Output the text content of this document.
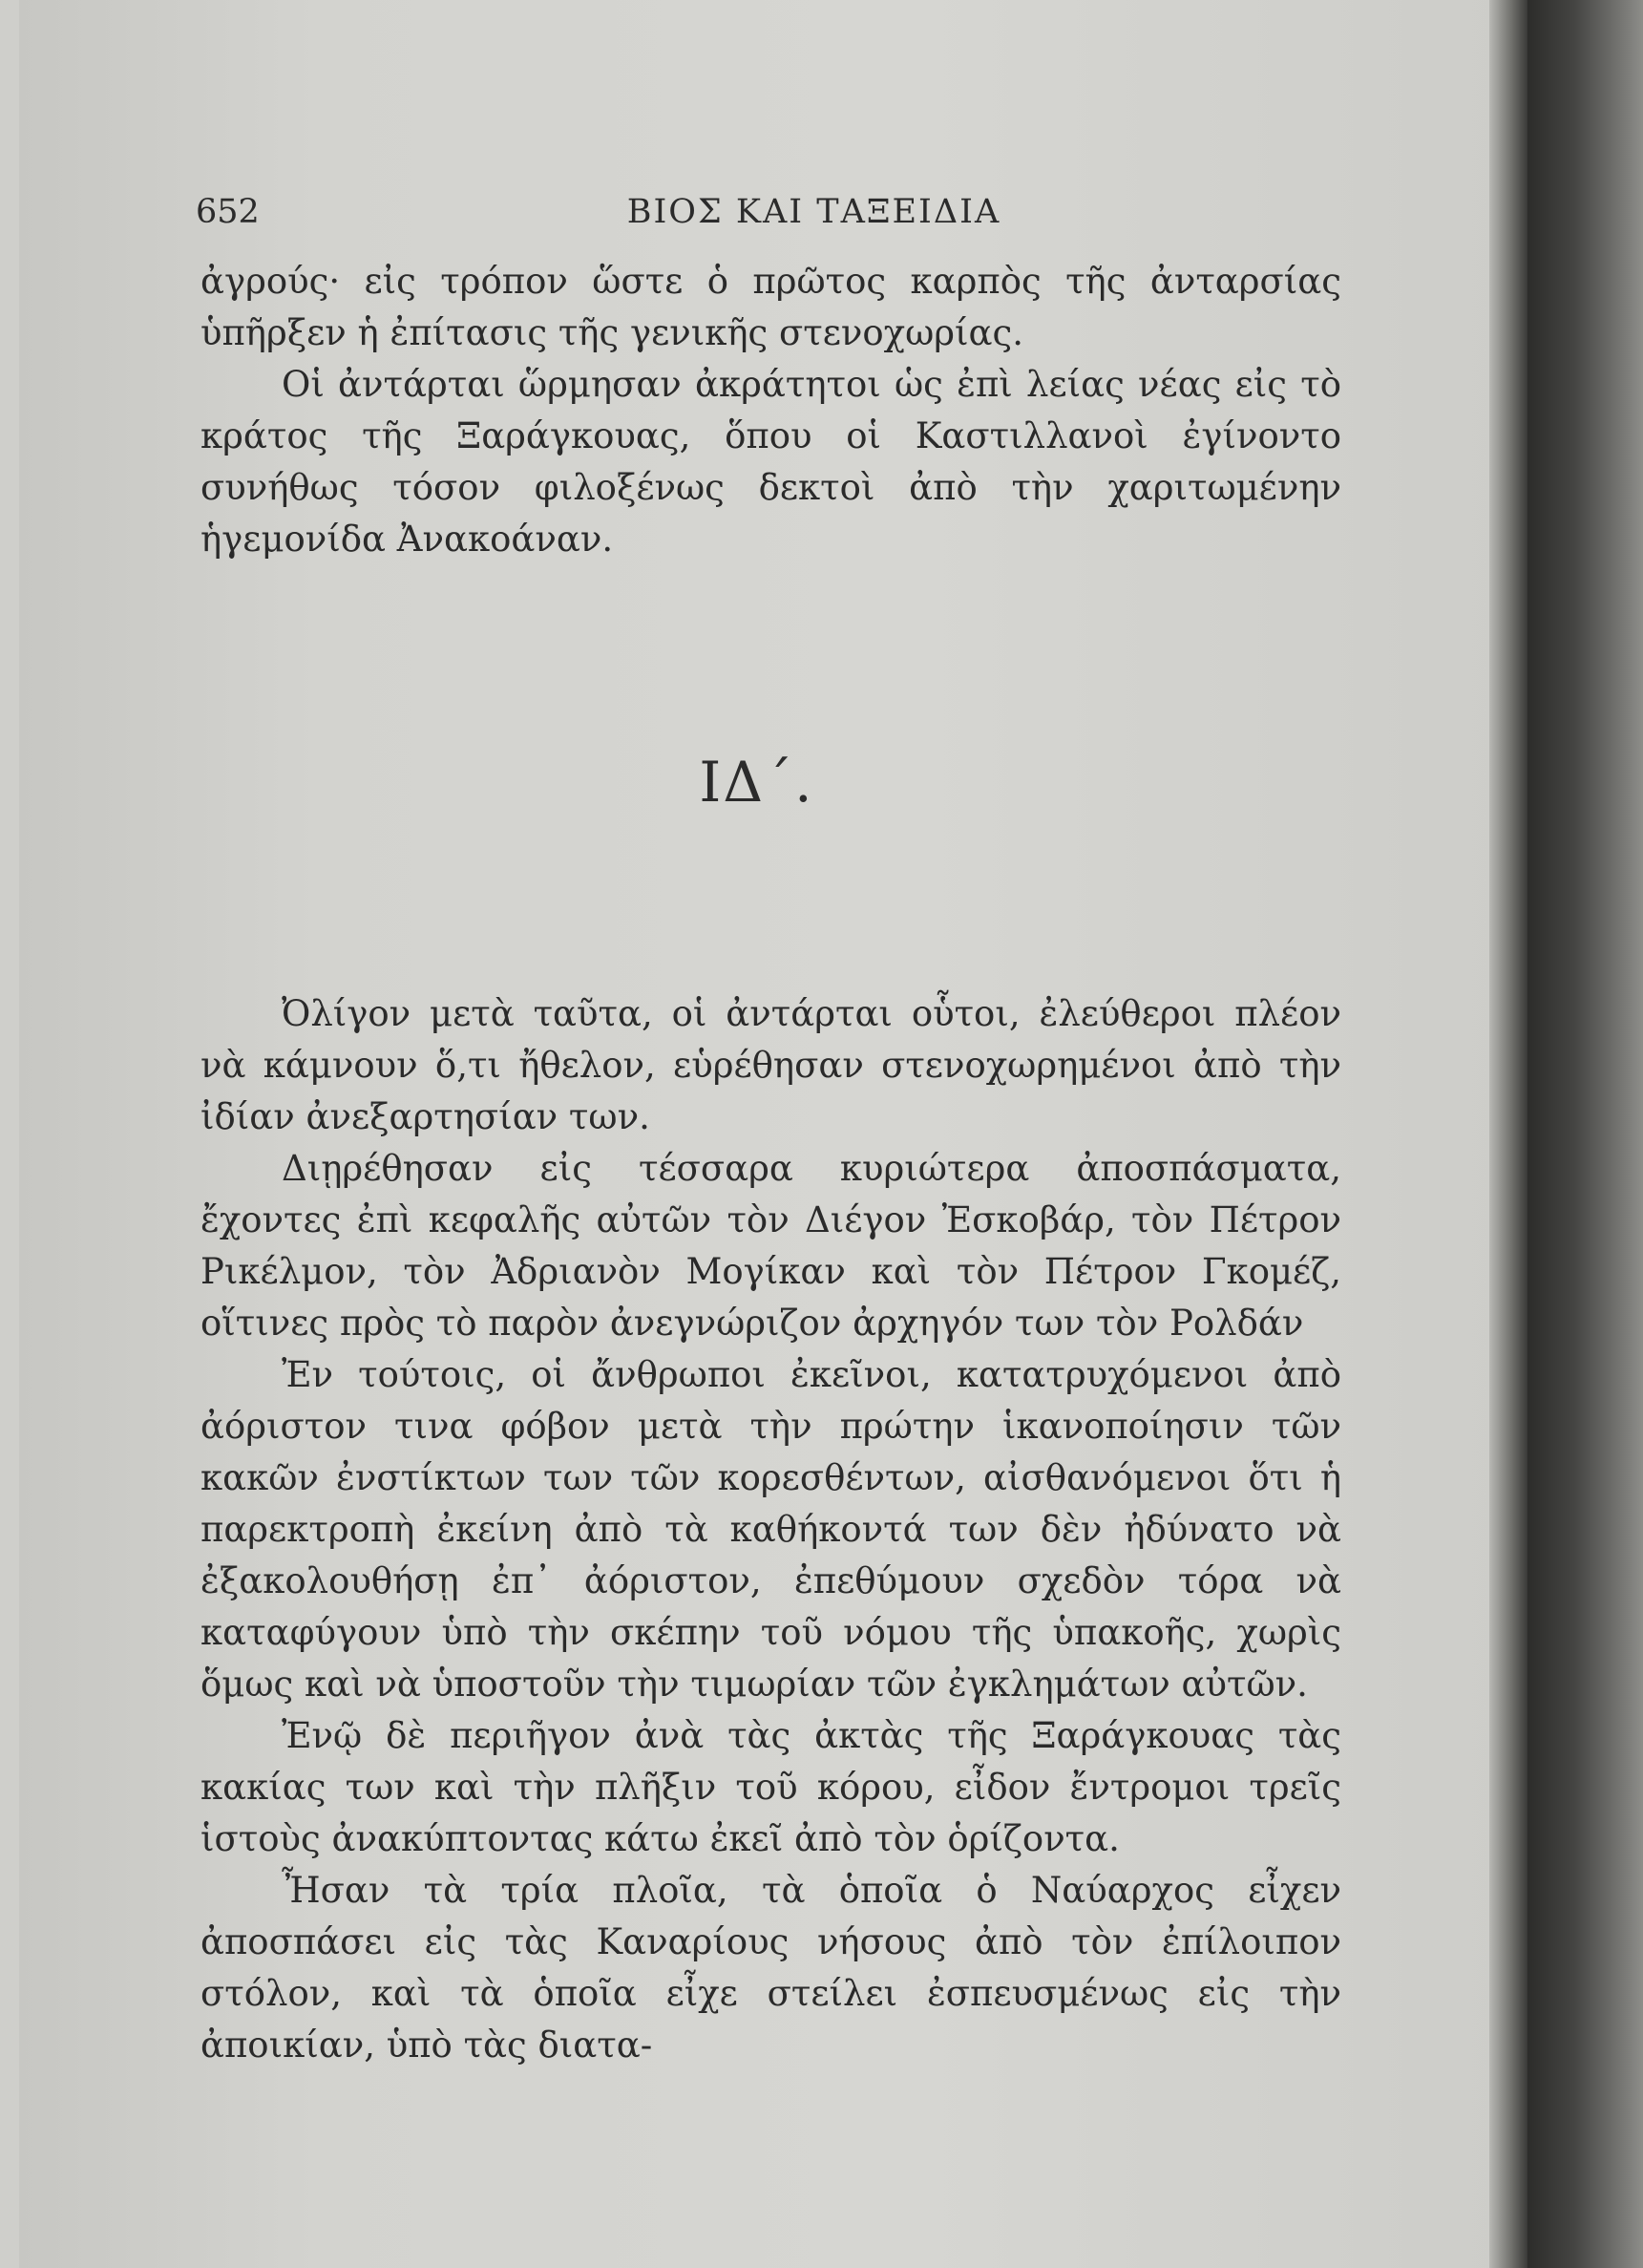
652	ΒΙΟΣ ΚΑΙ ΤΑΞΕΙΔΙΑ

ἀγρούς· εἰς τρόπον ὥστε ὁ πρῶτος καρπὸς τῆς ἀνταρσίας ὑπῆρξεν ἡ ἐπίτασις τῆς γενικῆς στενοχωρίας.

Οἱ ἀντάρται ὥρμησαν ἀκράτητοι ὡς ἐπὶ λείας νέας εἰς τὸ κράτος τῆς Ξαράγκουας, ὅπου οἱ Καστιλλανοὶ ἐγίνοντο συνήθως τόσον φιλοξένως δεκτοὶ ἀπὸ τὴν χαριτωμένην ἡγεμονίδα Ἀνακοάναν.

ΙΔ΄.

Ὀλίγον μετὰ ταῦτα, οἱ ἀντάρται οὗτοι, ἐλεύθεροι πλέον νὰ κάμνουν ὅ,τι ἤθελον, εὑρέθησαν στενοχωρημένοι ἀπὸ τὴν ἰδίαν ἀνεξαρτησίαν των.

Διῃρέθησαν εἰς τέσσαρα κυριώτερα ἀποσπάσματα, ἔχοντες ἐπὶ κεφαλῆς αὐτῶν τὸν Διέγον Ἐσκοβάρ, τὸν Πέτρον Ρικέλμον, τὸν Ἀδριανὸν Μογίκαν καὶ τὸν Πέτρον Γκομέζ, οἵτινες πρὸς τὸ παρὸν ἀνεγνώριζον ἀρχηγόν των τὸν Ρολδάν

Ἐν τούτοις, οἱ ἄνθρωποι ἐκεῖνοι, κατατρυχόμενοι ἀπὸ ἀόριστον τινα φόβον μετὰ τὴν πρώτην ἱκανοποίησιν τῶν κακῶν ἐνστίκτων των τῶν κορεσθέντων, αἰσθανόμενοι ὅτι ἡ παρεκτροπὴ ἐκείνη ἀπὸ τὰ καθήκοντά των δὲν ἠδύνατο νὰ ἐξακολουθήσῃ ἐπ᾽ ἀόριστον, ἐπεθύμουν σχεδὸν τόρα νὰ καταφύγουν ὑπὸ τὴν σκέπην τοῦ νόμου τῆς ὑπακοῆς, χωρὶς ὅμως καὶ νὰ ὑποστοῦν τὴν τιμωρίαν τῶν ἐγκλημάτων αὐτῶν.

Ἐνῷ δὲ περιῆγον ἀνὰ τὰς ἀκτὰς τῆς Ξαράγκουας τὰς κακίας των καὶ τὴν πλῆξιν τοῦ κόρου, εἶδον ἔντρομοι τρεῖς ἱστοὺς ἀνακύπτοντας κάτω ἐκεῖ ἀπὸ τὸν ὁρίζοντα.

Ἦσαν τὰ τρία πλοῖα, τὰ ὁποῖα ὁ Ναύαρχος εἶχεν ἀποσπάσει εἰς τὰς Καναρίους νήσους ἀπὸ τὸν ἐπίλοιπον στόλον, καὶ τὰ ὁποῖα εἶχε στείλει ἐσπευσμένως εἰς τὴν ἀποικίαν, ὑπὸ τὰς διατα-
